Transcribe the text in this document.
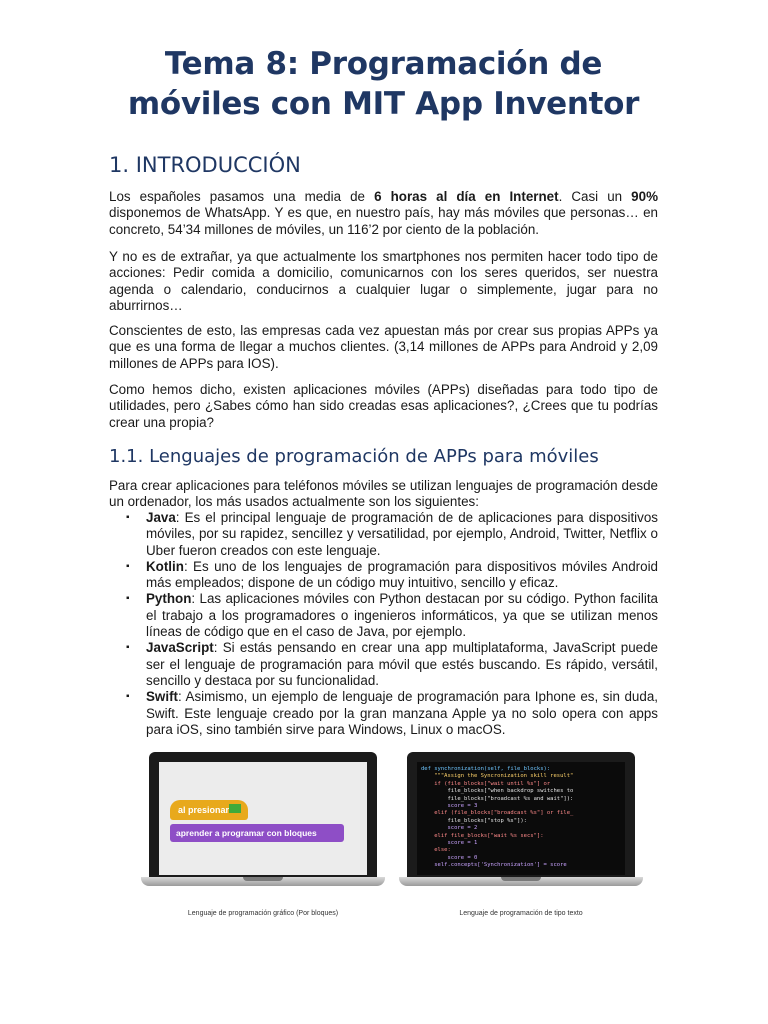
Tema 8: Programación de
móviles con MIT App Inventor
1. INTRODUCCIÓN

Los españoles pasamos una media de 6 horas al día en Internet. Casi un 90% disponemos de WhatsApp. Y es que, en nuestro país, hay más móviles que personas… en concreto, 54’34 millones de móviles, un 116’2 por ciento de la población.

Y no es de extrañar, ya que actualmente los smartphones nos permiten hacer todo tipo de acciones: Pedir comida a domicilio, comunicarnos con los seres queridos, ser nuestra agenda o calendario, conducirnos a cualquier lugar o simplemente, jugar para no aburrirnos…

Conscientes de esto, las empresas cada vez apuestan más por crear sus propias APPs ya que es una forma de llegar a muchos clientes. (3,14 millones de APPs para Android y 2,09 millones de APPs para IOS).

Como hemos dicho, existen aplicaciones móviles (APPs) diseñadas para todo tipo de utilidades, pero ¿Sabes cómo han sido creadas esas aplicaciones?, ¿Crees que tu podrías crear una propia?

1.1. Lenguajes de programación de APPs para móviles

Para crear aplicaciones para teléfonos móviles se utilizan lenguajes de programación desde un ordenador, los más usados actualmente son los siguientes:

▪ Java: Es el principal lenguaje de programación de de aplicaciones para dispositivos móviles, por su rapidez, sencillez y versatilidad, por ejemplo, Android, Twitter, Netflix o Uber fueron creados con este lenguaje.
▪ Kotlin: Es uno de los lenguajes de programación para dispositivos móviles Android más empleados; dispone de un código muy intuitivo, sencillo y eficaz.
▪ Python: Las aplicaciones móviles con Python destacan por su código. Python facilita el trabajo a los programadores o ingenieros informáticos, ya que se utilizan menos líneas de código que en el caso de Java, por ejemplo.
▪ JavaScript: Si estás pensando en crear una app multiplataforma, JavaScript puede ser el lenguaje de programación para móvil que estés buscando. Es rápido, versátil, sencillo y destaca por su funcionalidad.
▪ Swift: Asimismo, un ejemplo de lenguaje de programación para Iphone es, sin duda, Swift. Este lenguaje creado por la gran manzana Apple ya no solo opera con apps para iOS, sino también sirve para Windows, Linux o macOS.
al presionar
aprender a programar con bloques
Lenguaje de programación gráfico (Por bloques)
def synchronization(self, file_blocks):
"""Assign the Syncronization skill result"
if (file_blocks["wait until %s"] or
file_blocks["when backdrop switches to
file_blocks["broadcast %s and wait"]):
score = 3
elif (file_blocks["broadcast %s"] or file_
file_blocks["stop %s"]):
score = 2
elif file_blocks["wait %s secs"]:
score = 1
else:
score = 0
self.concepts['Synchronization'] = score
Lenguaje de programación de tipo texto
